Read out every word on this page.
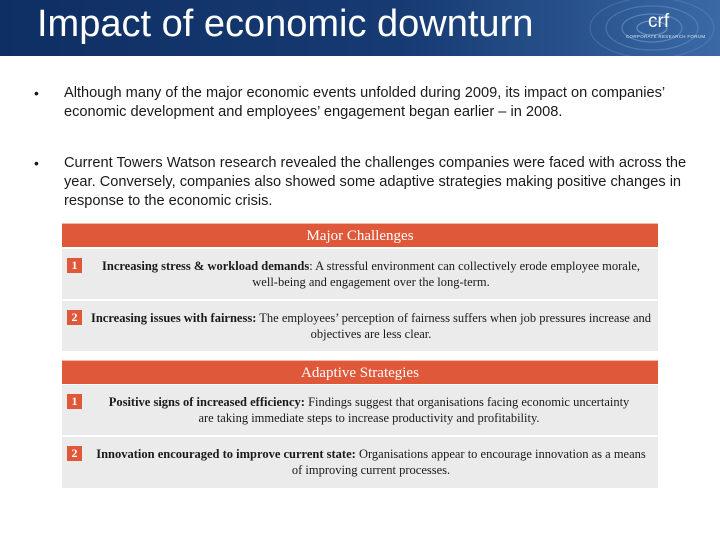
Impact of economic downturn	crf
CORPORATE RESEARCH FORUM
• Although many of the major economic events unfolded during 2009, its impact on companies’ economic development and employees’ engagement began earlier – in 2008.
• Current Towers Watson research revealed the challenges companies were faced with across the year. Conversely, companies also showed some adaptive strategies making positive changes in response to the economic crisis.
Major Challenges
1	Increasing stress & workload demands: A stressful environment can collectively erode employee morale, well-being and engagement over the long-term.
2	Increasing issues with fairness: The employees’ perception of fairness suffers when job pressures increase and objectives are less clear.
Adaptive Strategies
1	Positive signs of increased efficiency: Findings suggest that organisations facing economic uncertainty are taking immediate steps to increase productivity and profitability.
2	Innovation encouraged to improve current state: Organisations appear to encourage innovation as a means of improving current processes.
